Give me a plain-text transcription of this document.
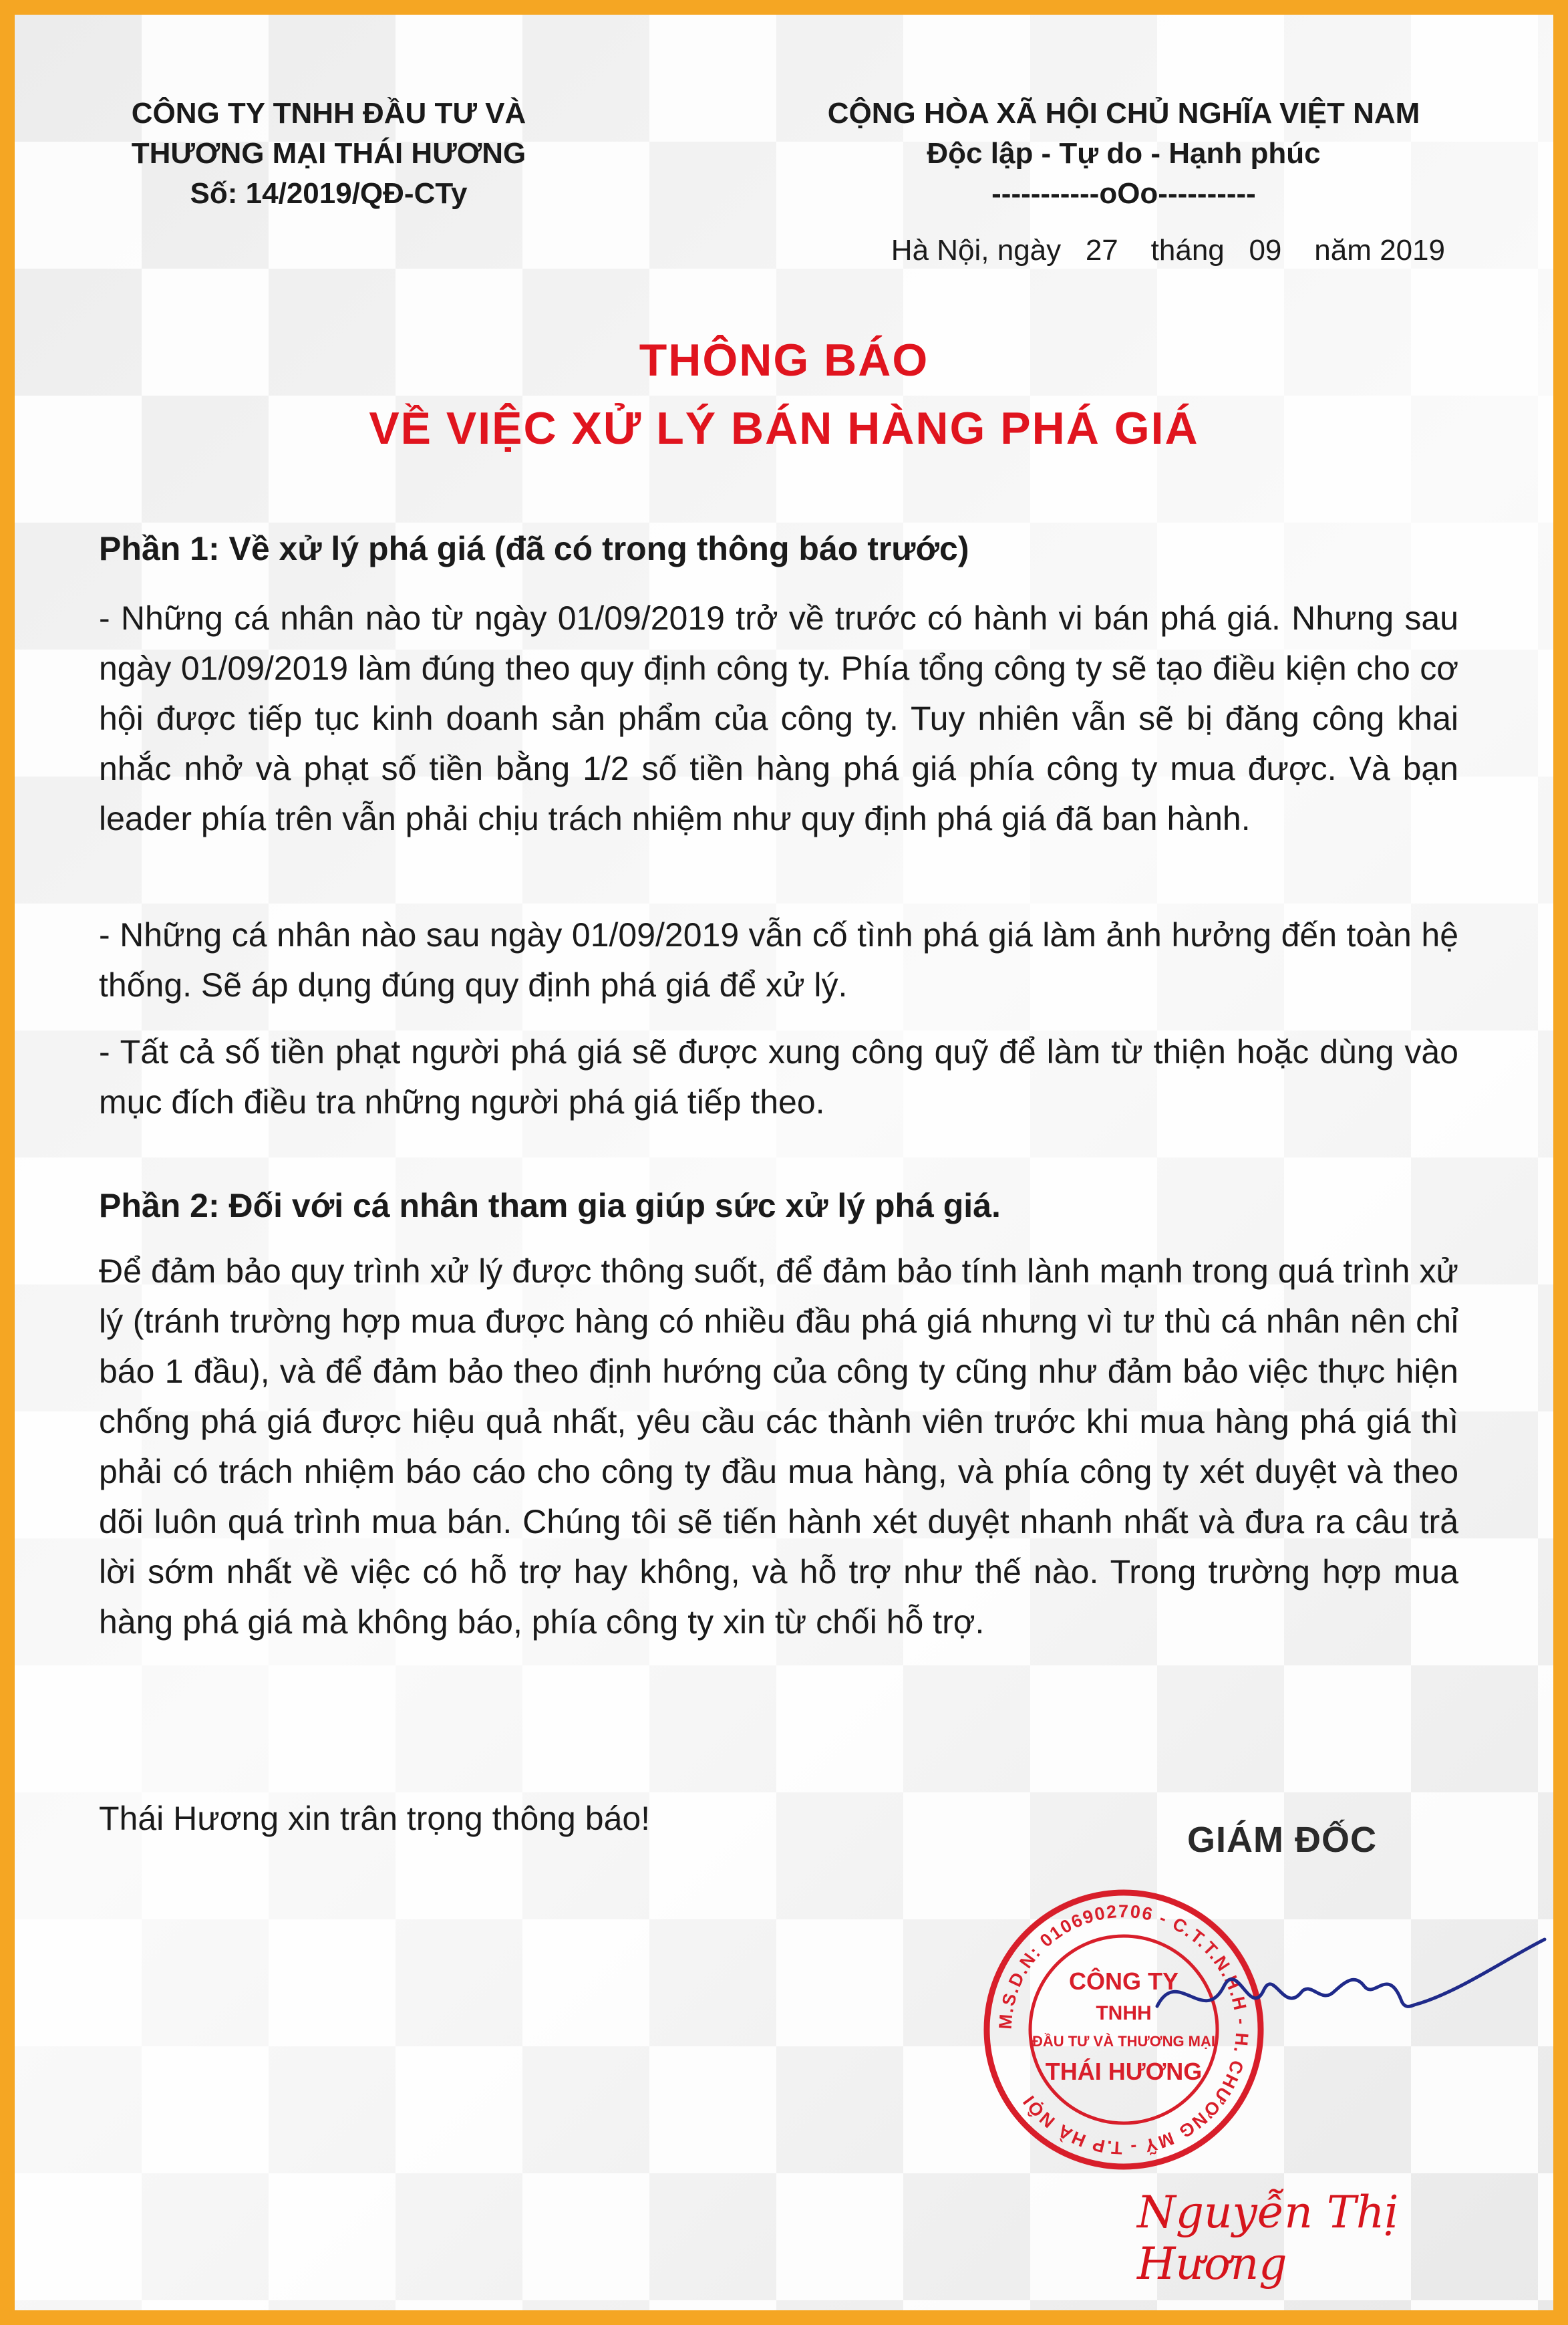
CÔNG TY TNHH ĐẦU TƯ VÀ
THƯƠNG MẠI THÁI HƯƠNG
Số: 14/2019/QĐ-CTy
CỘNG HÒA XÃ HỘI CHỦ NGHĨA VIỆT NAM
Độc lập - Tự do - Hạnh phúc
-----------oOo----------
Hà Nội, ngày   27    tháng   09    năm 2019
THÔNG BÁO
VỀ VIỆC XỬ LÝ BÁN HÀNG PHÁ GIÁ
Phần 1: Về xử lý phá giá (đã có trong thông báo trước)
- Những cá nhân nào từ ngày 01/09/2019 trở về trước có hành vi bán phá giá. Nhưng sau ngày 01/09/2019 làm đúng theo quy định công ty. Phía tổng công ty sẽ tạo điều kiện cho cơ hội được tiếp tục kinh doanh sản phẩm của công ty. Tuy nhiên vẫn sẽ bị đăng công khai nhắc nhở và phạt số tiền bằng 1/2 số tiền hàng phá giá phía công ty mua được. Và bạn leader phía trên vẫn phải chịu trách nhiệm như quy định phá giá đã ban hành.
- Những cá nhân nào sau ngày 01/09/2019 vẫn cố tình phá giá làm ảnh hưởng đến toàn hệ thống. Sẽ áp dụng đúng quy định phá giá để xử lý.
- Tất cả số tiền phạt người phá giá sẽ được xung công quỹ để làm từ thiện hoặc dùng vào mục đích điều tra những người phá giá tiếp theo.
Phần 2: Đối với cá nhân tham gia giúp sức xử lý phá giá.
Để đảm bảo quy trình xử lý được thông suốt, để đảm bảo tính lành mạnh trong quá trình xử lý (tránh trường hợp mua được hàng có nhiều đầu phá giá nhưng vì tư thù cá nhân nên chỉ báo 1 đầu), và để đảm bảo theo định hướng của công ty cũng như đảm bảo việc thực hiện chống phá giá được hiệu quả nhất, yêu cầu các thành viên trước khi mua hàng phá giá thì phải có trách nhiệm báo cáo cho công ty đầu mua hàng, và phía công ty xét duyệt và theo dõi luôn quá trình mua bán. Chúng tôi sẽ tiến hành xét duyệt nhanh nhất và đưa ra câu trả lời sớm nhất về việc có hỗ trợ hay không, và hỗ trợ như thế nào. Trong trường hợp mua hàng phá giá mà không báo, phía công ty xin từ chối hỗ trợ.
Thái Hương xin trân trọng thông báo!
GIÁM ĐỐC
M.S.D.N: 0106902706 - C.T.T.N.H.H - H. CHƯƠNG MỸ - T.P HÀ NỘI
CÔNG TY
TNHH
ĐẦU TƯ VÀ THƯƠNG MẠI
THÁI HƯƠNG
Nguyễn Thị Hương
